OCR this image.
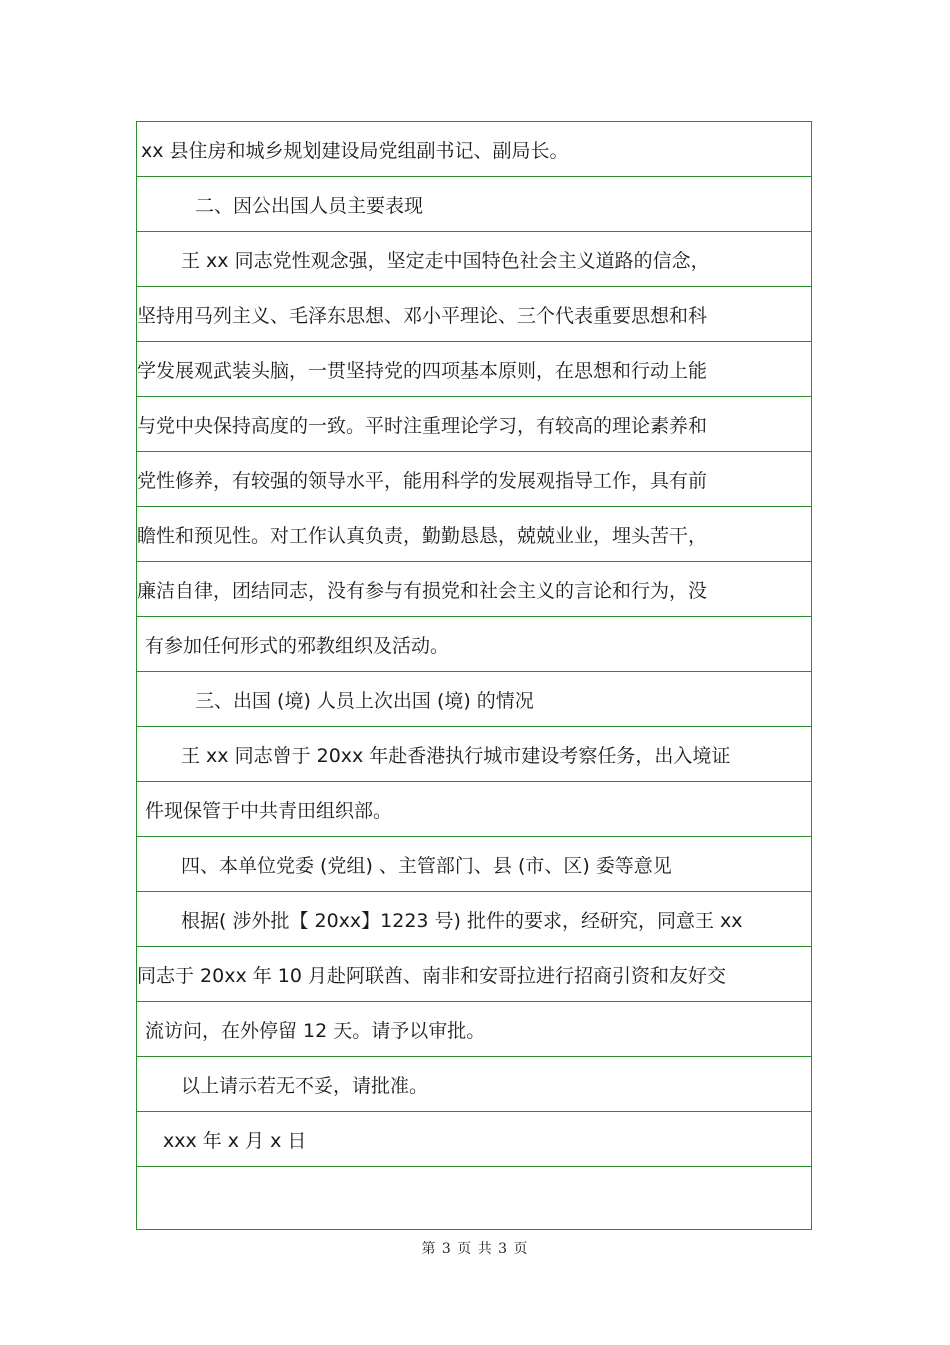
xx 县住房和城乡规划建设局党组副书记、副局长。
二、因公出国人员主要表现
王 xx 同志党性观念强，坚定走中国特色社会主义道路的信念，
坚持用马列主义、毛泽东思想、邓小平理论、三个代表重要思想和科
学发展观武装头脑，一贯坚持党的四项基本原则，在思想和行动上能
与党中央保持高度的一致。平时注重理论学习，有较高的理论素养和
党性修养，有较强的领导水平，能用科学的发展观指导工作，具有前
瞻性和预见性。对工作认真负责，勤勤恳恳，兢兢业业，埋头苦干，
廉洁自律，团结同志，没有参与有损党和社会主义的言论和行为，没
有参加任何形式的邪教组织及活动。
三、出国 (境) 人员上次出国 (境) 的情况
王 xx 同志曾于 20xx 年赴香港执行城市建设考察任务，出入境证
件现保管于中共青田组织部。
四、本单位党委 (党组) 、主管部门、县 (市、区) 委等意见
根据( 涉外批【 20xx】1223 号) 批件的要求，经研究，同意王 xx
同志于 20xx 年 10 月赴阿联酋、南非和安哥拉进行招商引资和友好交
流访问，在外停留 12 天。请予以审批。
以上请示若无不妥，请批准。
xxx 年 x 月 x 日
第 3 页 共 3 页
